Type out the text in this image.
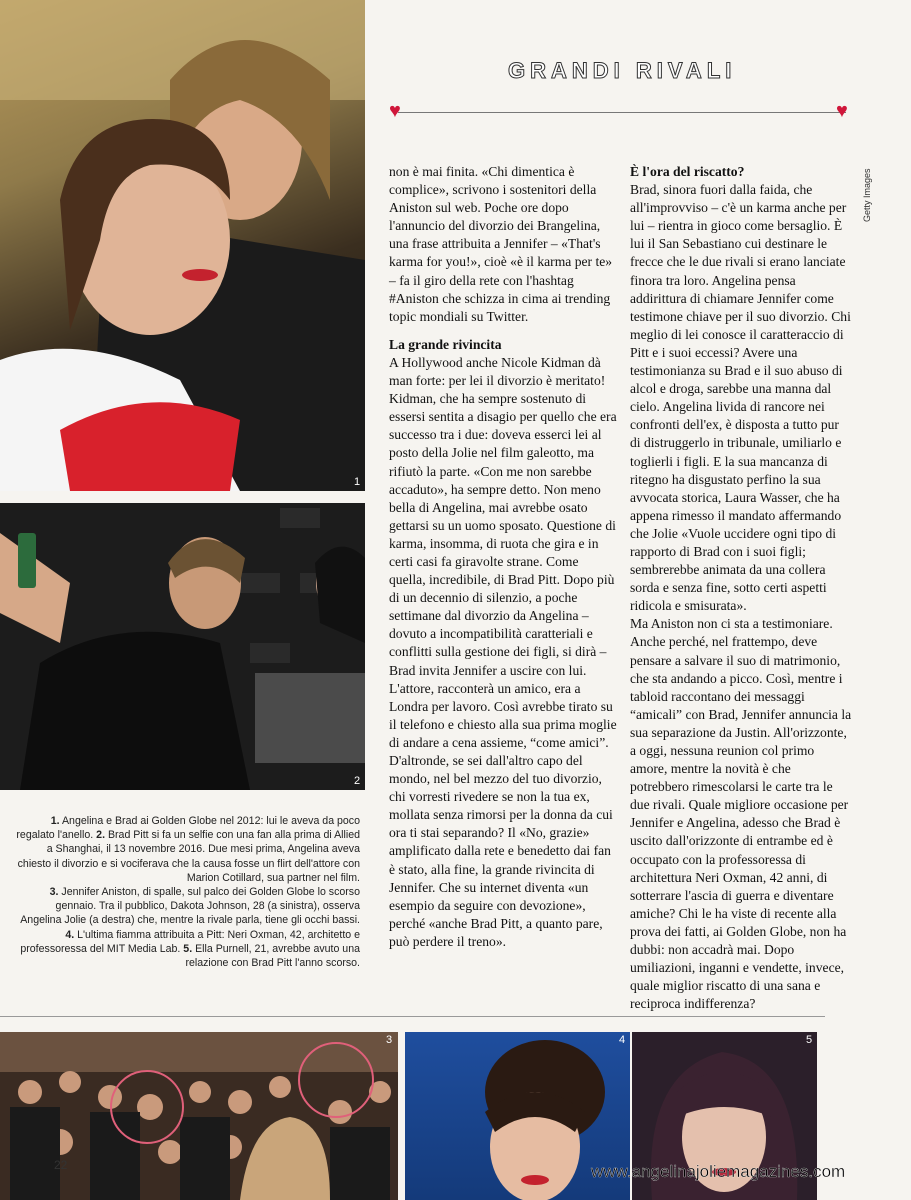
1
2
GRANDI RIVALI
♥	♥
Getty Images

non è mai finita. «Chi dimentica è complice», scrivono i sostenitori della Aniston sul web. Poche ore dopo l'annuncio del divorzio dei Brangelina, una frase attribuita a Jennifer – «That's karma for you!», cioè «è il karma per te» – fa il giro della rete con l'hashtag #Aniston che schizza in cima ai trending topic mondiali su Twitter.

La grande rivincita

A Hollywood anche Nicole Kidman dà man forte: per lei il divorzio è meritato! Kidman, che ha sempre sostenuto di essersi sentita a disagio per quello che era successo tra i due: doveva esserci lei al posto della Jolie nel film galeotto, ma rifiutò la parte. «Con me non sarebbe accaduto», ha sempre detto. Non meno bella di Angelina, mai avrebbe osato gettarsi su un uomo sposato. Questione di karma, insomma, di ruota che gira e in certi casi fa giravolte strane. Come quella, incredibile, di Brad Pitt. Dopo più di un decennio di silenzio, a poche settimane dal divorzio da Angelina – dovuto a incompatibilità caratteriali e conflitti sulla gestione dei figli, si dirà – Brad invita Jennifer a uscire con lui. L'attore, racconterà un amico, era a Londra per lavoro. Così avrebbe tirato su il telefono e chiesto alla sua prima moglie di andare a cena assieme, “come amici”. D'altronde, se sei dall'altro capo del mondo, nel bel mezzo del tuo divorzio, chi vorresti rivedere se non la tua ex, mollata senza rimorsi per la donna da cui ora ti stai separando? Il «No, grazie» amplificato dalla rete e benedetto dai fan è stato, alla fine, la grande rivincita di Jennifer. Che su internet diventa «un esempio da seguire con devozione», perché «anche Brad Pitt, a quanto pare, può perdere il treno».

È l'ora del riscatto?

Brad, sinora fuori dalla faida, che all'improvviso – c'è un karma anche per lui – rientra in gioco come bersaglio. È lui il San Sebastiano cui destinare le frecce che le due rivali si erano lanciate finora tra loro. Angelina pensa addirittura di chiamare Jennifer come testimone chiave per il suo divorzio. Chi meglio di lei conosce il caratteraccio di Pitt e i suoi eccessi? Avere una testimonianza su Brad e il suo abuso di alcol e droga, sarebbe una manna dal cielo. Angelina livida di rancore nei confronti dell'ex, è disposta a tutto pur di distruggerlo in tribunale, umiliarlo e toglierli i figli. E la sua mancanza di ritegno ha disgustato perfino la sua avvocata storica, Laura Wasser, che ha appena rimesso il mandato affermando che Jolie «Vuole uccidere ogni tipo di rapporto di Brad con i suoi figli; sembrerebbe animata da una collera sorda e senza fine, sotto certi aspetti ridicola e smisurata».

Ma Aniston non ci sta a testimoniare. Anche perché, nel frattempo, deve pensare a salvare il suo di matrimonio, che sta andando a picco. Così, mentre i tabloid raccontano dei messaggi “amicali” con Brad, Jennifer annuncia la sua separazione da Justin. All'orizzonte, a oggi, nessuna reunion col primo amore, mentre la novità è che potrebbero rimescolarsi le carte tra le due rivali. Quale migliore occasione per Jennifer e Angelina, adesso che Brad è uscito dall'orizzonte di entrambe ed è occupato con la professoressa di architettura Neri Oxman, 42 anni, di sotterrare l'ascia di guerra e diventare amiche? Chi le ha viste di recente alla prova dei fatti, ai Golden Globe, non ha dubbi: non accadrà mai. Dopo umiliazioni, inganni e vendette, invece, quale miglior riscatto di una sana e reciproca indifferenza?

1. Angelina e Brad ai Golden Globe nel 2012: lui le aveva da poco regalato l'anello. 2. Brad Pitt si fa un selfie con una fan alla prima di Allied a Shanghai, il 13 novembre 2016. Due mesi prima, Angelina aveva chiesto il divorzio e si vociferava che la causa fosse un flirt dell'attore con Marion Cotillard, sua partner nel film.
3. Jennifer Aniston, di spalle, sul palco dei Golden Globe lo scorso gennaio. Tra il pubblico, Dakota Johnson, 28 (a sinistra), osserva Angelina Jolie (a destra) che, mentre la rivale parla, tiene gli occhi bassi. 4. L'ultima fiamma attribuita a Pitt: Neri Oxman, 42, architetto e professoressa del MIT Media Lab. 5. Ella Purnell, 21, avrebbe avuto una relazione con Brad Pitt l'anno scorso.
3	4	5
22	www.angelinajoliemagazines.com
